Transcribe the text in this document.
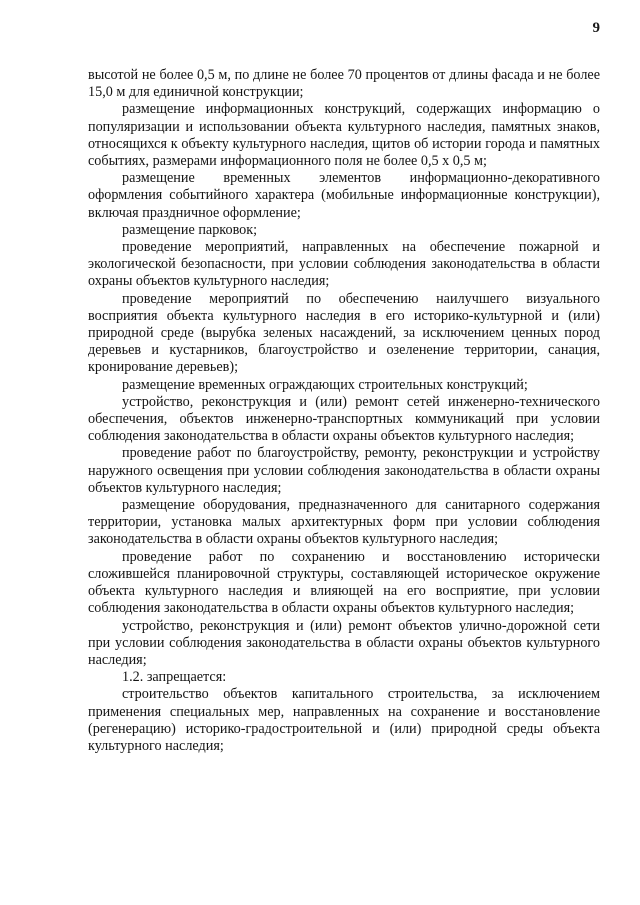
9

высотой не более 0,5 м, по длине не более 70 процентов от длины фасада и не более 15,0 м для единичной конструкции;

размещение информационных конструкций, содержащих информацию о популяризации и использовании объекта культурного наследия, памятных знаков, относящихся к объекту культурного наследия, щитов об истории города и памятных событиях, размерами информационного поля не более 0,5 х 0,5 м;

размещение временных элементов информационно-декоративного оформления событийного характера (мобильные информационные конструкции), включая праздничное оформление;

размещение парковок;

проведение мероприятий, направленных на обеспечение пожарной и экологической безопасности, при условии соблюдения законодательства в области охраны объектов культурного наследия;

проведение мероприятий по обеспечению наилучшего визуального восприятия объекта культурного наследия в его историко-культурной и (или) природной среде (вырубка зеленых насаждений, за исключением ценных пород деревьев и кустарников, благоустройство и озеленение территории, санация, кронирование деревьев);

размещение временных ограждающих строительных конструкций;

устройство, реконструкция и (или) ремонт сетей инженерно-технического обеспечения, объектов инженерно-транспортных коммуникаций при условии соблюдения законодательства в области охраны объектов культурного наследия;

проведение работ по благоустройству, ремонту, реконструкции и устройству наружного освещения при условии соблюдения законодательства в области охраны объектов культурного наследия;

размещение оборудования, предназначенного для санитарного содержания территории, установка малых архитектурных форм при условии соблюдения законодательства в области охраны объектов культурного наследия;

проведение работ по сохранению и восстановлению исторически сложившейся планировочной структуры, составляющей историческое окружение объекта культурного наследия и влияющей на его восприятие, при условии соблюдения законодательства в области охраны объектов культурного наследия;

устройство, реконструкция и (или) ремонт объектов улично-дорожной сети при условии соблюдения законодательства в области охраны объектов культурного наследия;

1.2. запрещается:

строительство объектов капитального строительства, за исключением применения специальных мер, направленных на сохранение и восстановление (регенерацию) историко-градостроительной и (или) природной среды объекта культурного наследия;
